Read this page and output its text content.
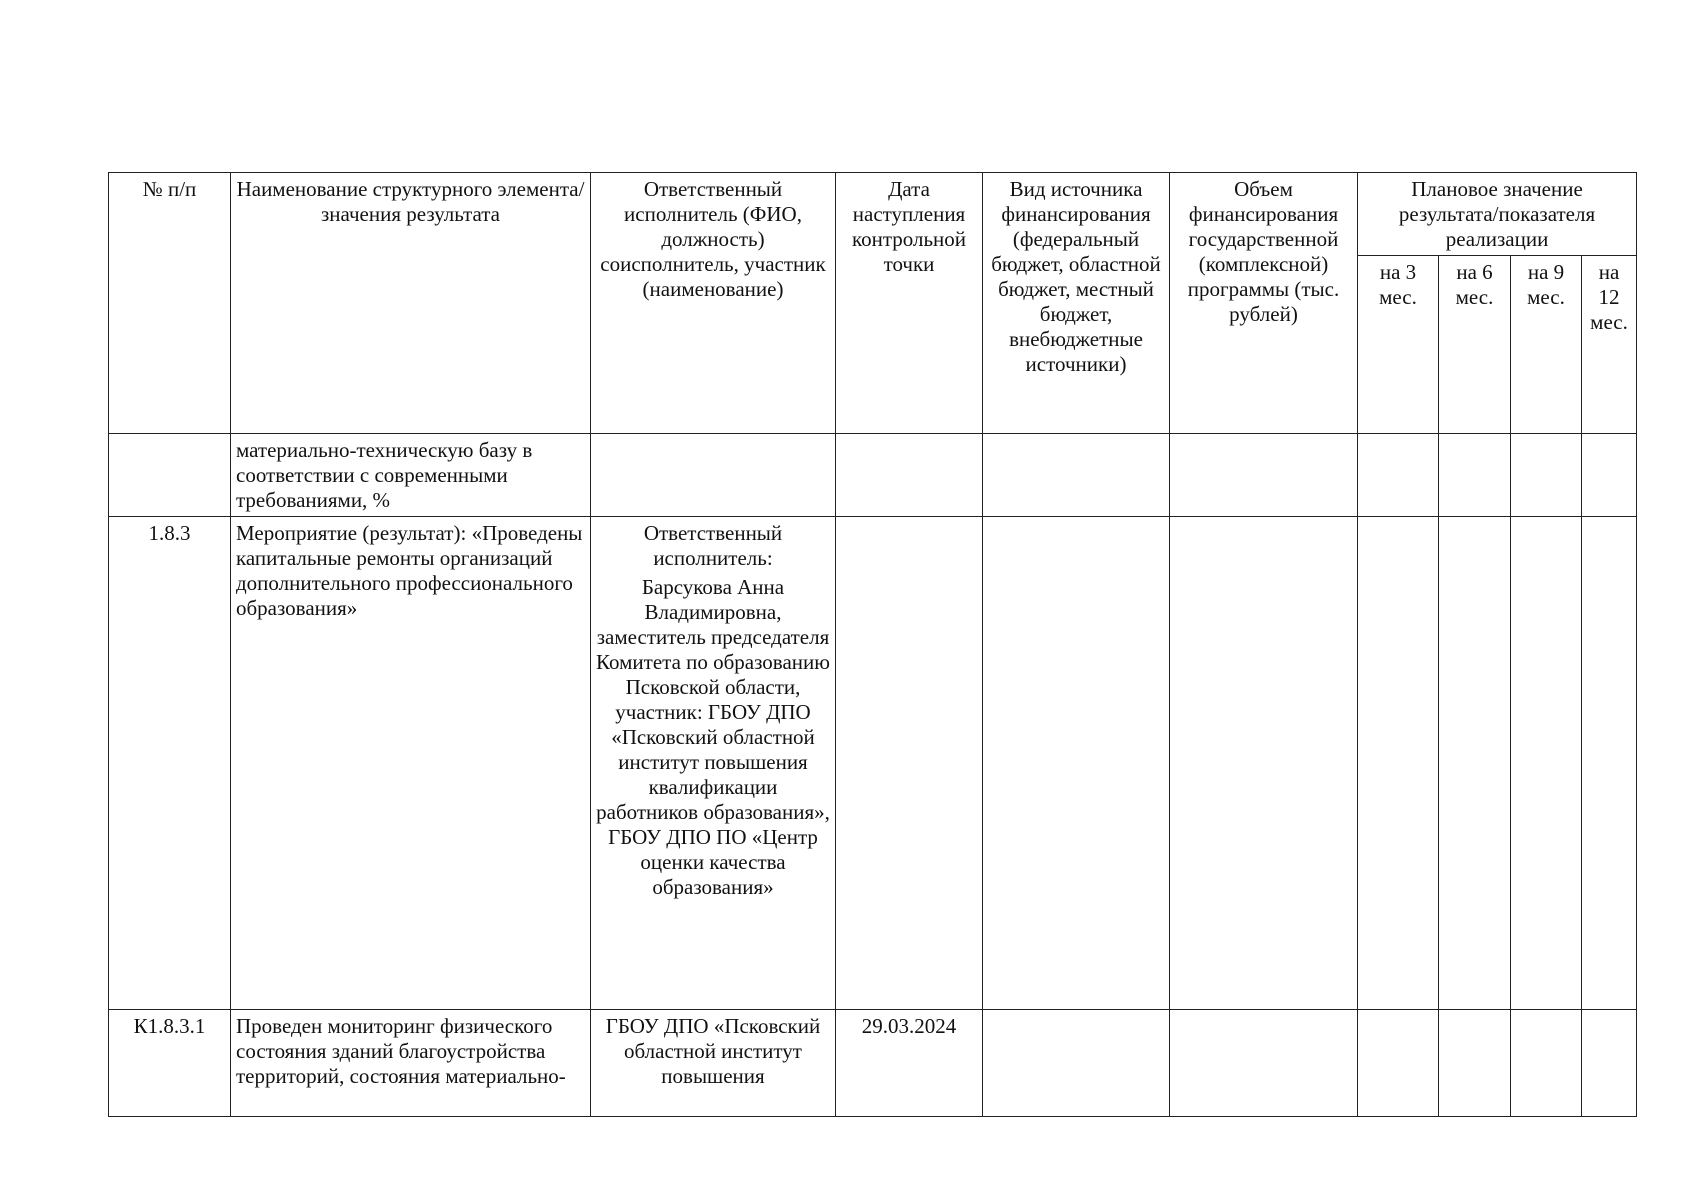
№ п/п	Наименование структурного элемента/ значения результата	Ответственный исполнитель (ФИО, должность) соисполнитель, участник (наименование)	Дата наступления контрольной точки	Вид источника финансирования (федеральный бюджет, областной бюджет, местный бюджет, внебюджетные источники)	Объем финансирования государственной (комплексной) программы (тыс. рублей)	Плановое значение результата/показателя реализации			
						на 3 мес.	на 6 мес.	на 9 мес.	на 12 мес.
	материально-техническую базу в соответствии с современными требованиями, %	

1.8.3	Мероприятие (результат): «Проведены капитальные ремонты организаций дополнительного профессионального образования»	Ответственный исполнитель:
Барсукова Анна Владимировна, заместитель председателя Комитета по образованию Псковской области, участник: ГБОУ ДПО «Псковский областной институт повышения квалификации работников образования», ГБОУ ДПО ПО «Центр оценки качества образования»							

К1.8.3.1	Проведен мониторинг физического состояния зданий благоустройства территорий, состояния материально-	ГБОУ ДПО «Псковский областной институт повышения	29.03.2024						
